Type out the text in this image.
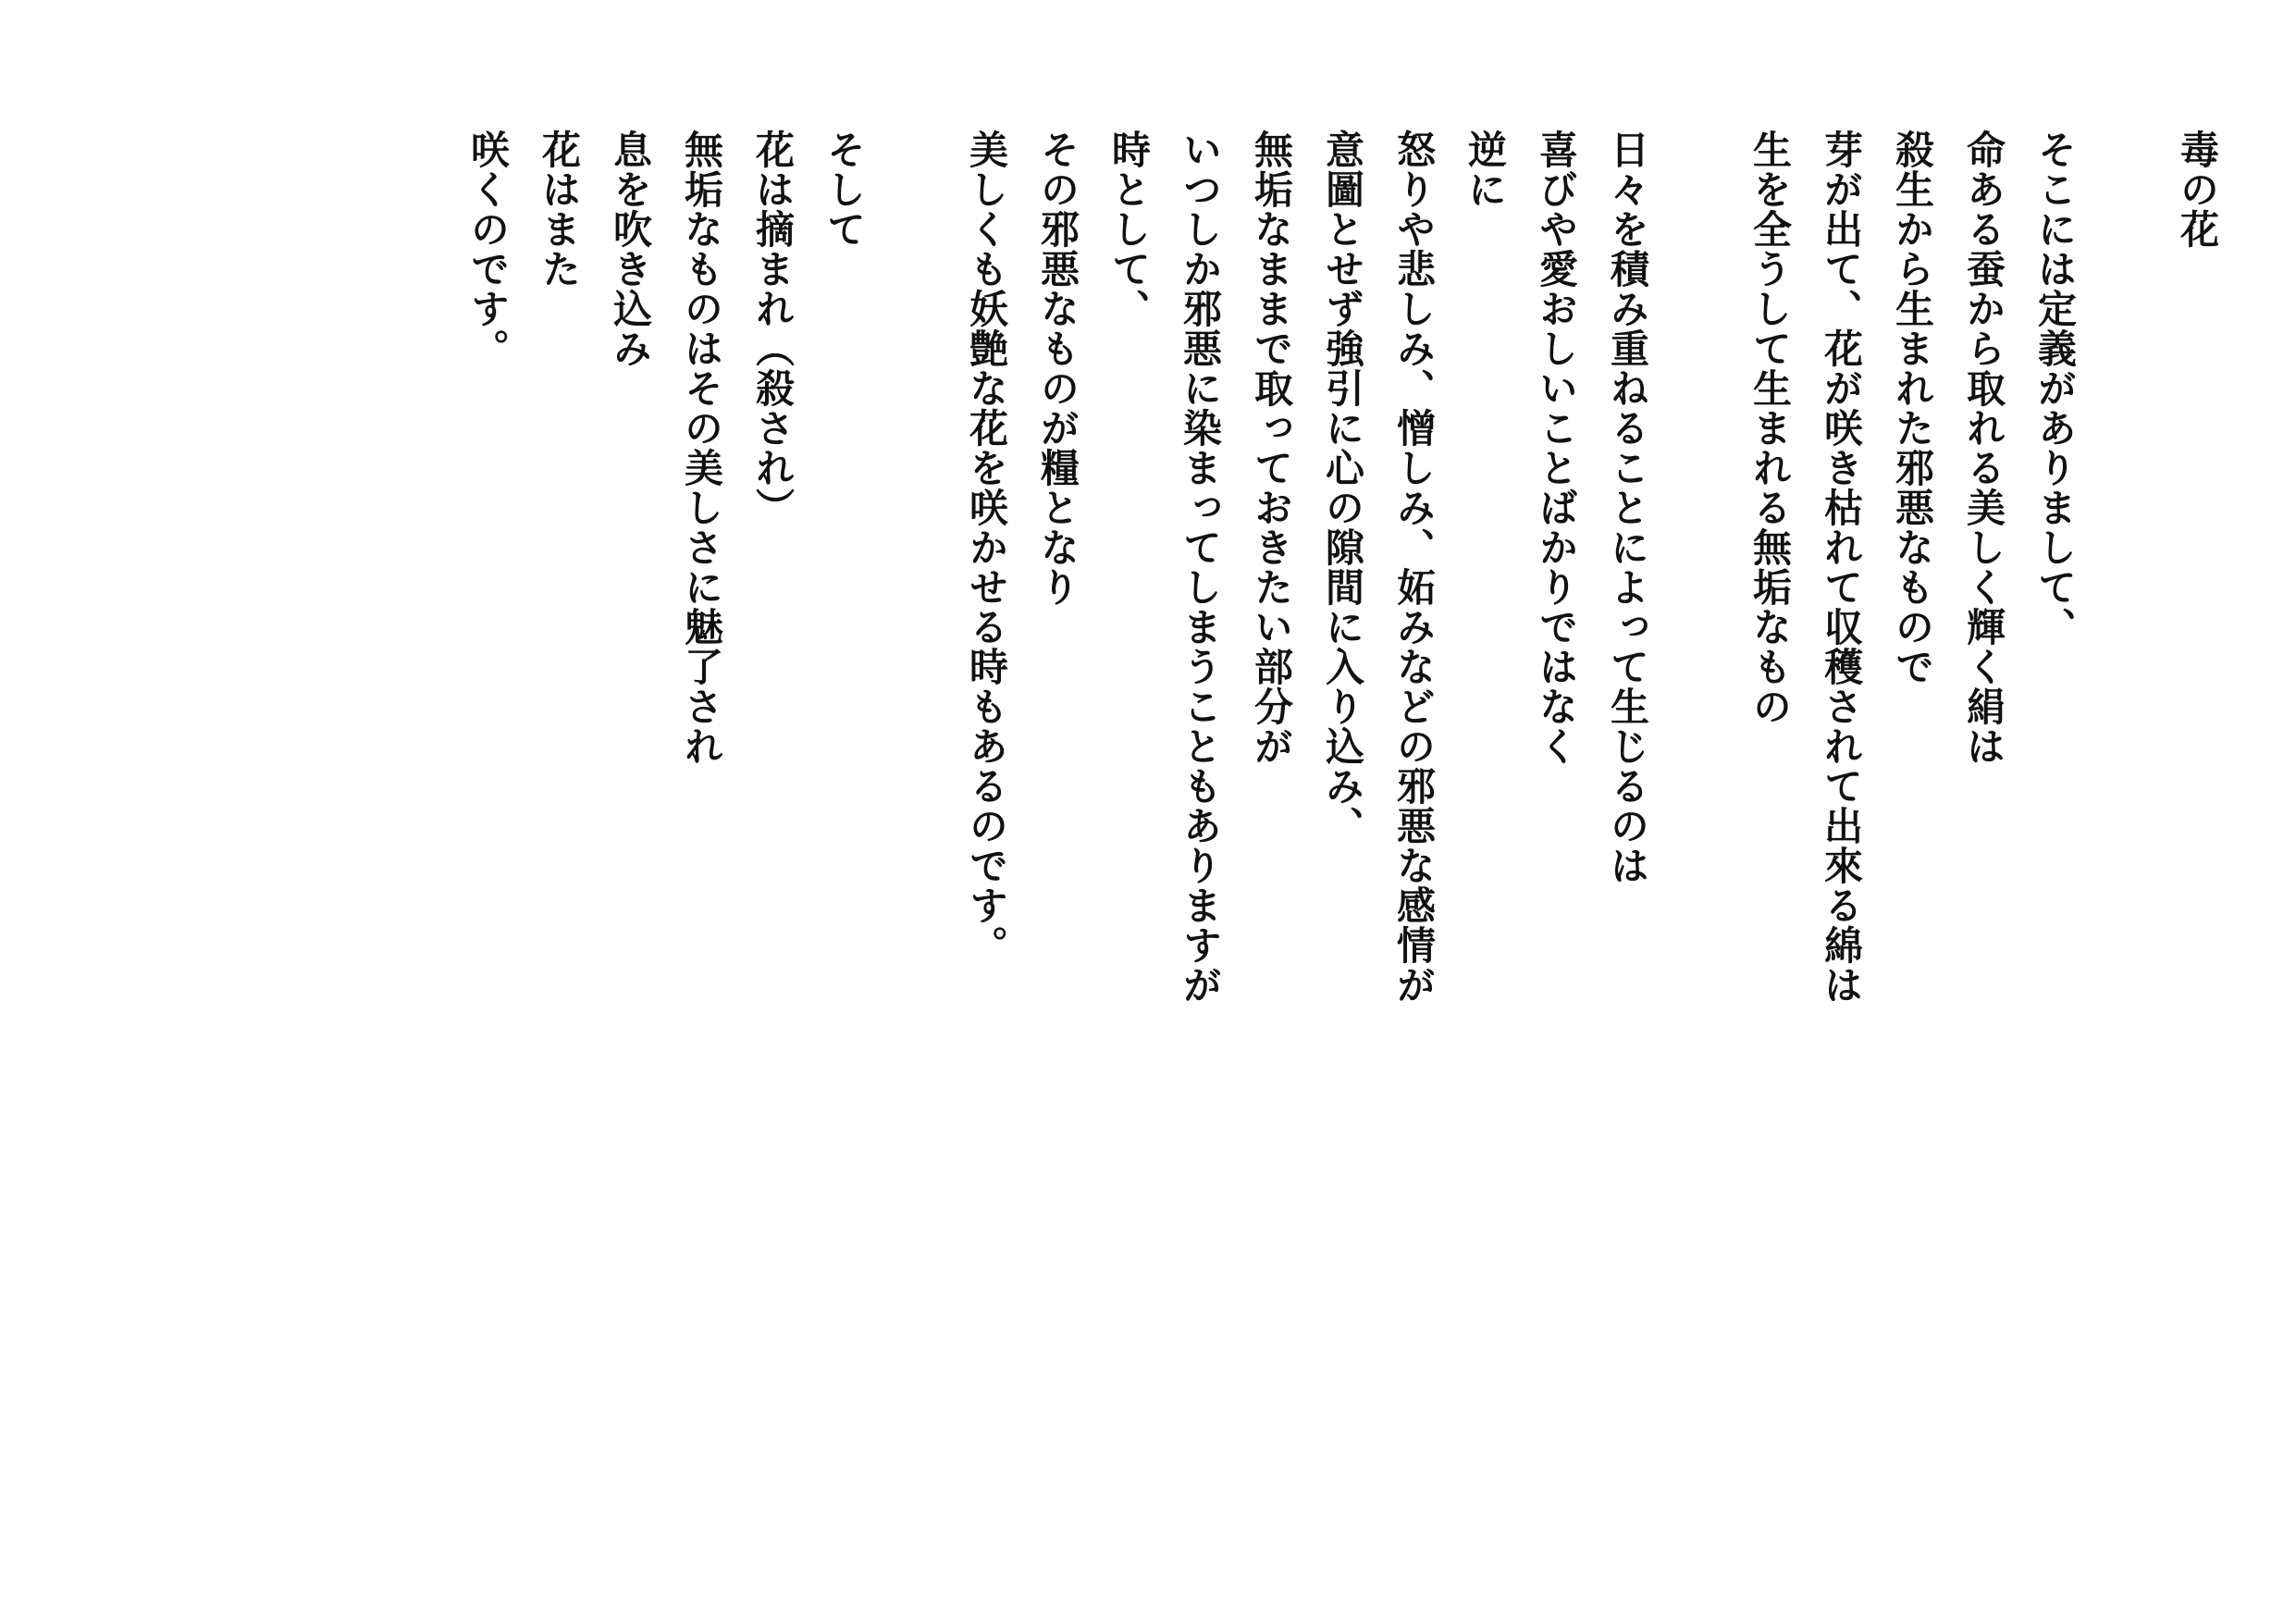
毒の花
そこには定義がありまして、
命ある蚕から取れる美しく輝く絹は
殺生から生まれた邪悪なもので
芽が出て、花が咲き枯れて収穫されて出來る綿は
生を全うして生まれる無垢なもの
日々を積み重ねることによって生じるのは
喜びや愛おしいことばかりではなく
逆に
怒りや悲しみ、憎しみ、妬みなどの邪悪な感情が
意圖とせず強引に心の隙間に入り込み、
無垢なままで取っておきたい部分が
いつしか邪悪に染まってしまうこともありますが
時として、
その邪悪なものが糧となり
美しくも妖艶な花を咲かせる時もあるのです。
そして
花は摘まれ（殺され）
無垢なものはその美しさに魅了され
息を吹き込み
花はまた
咲くのです。
